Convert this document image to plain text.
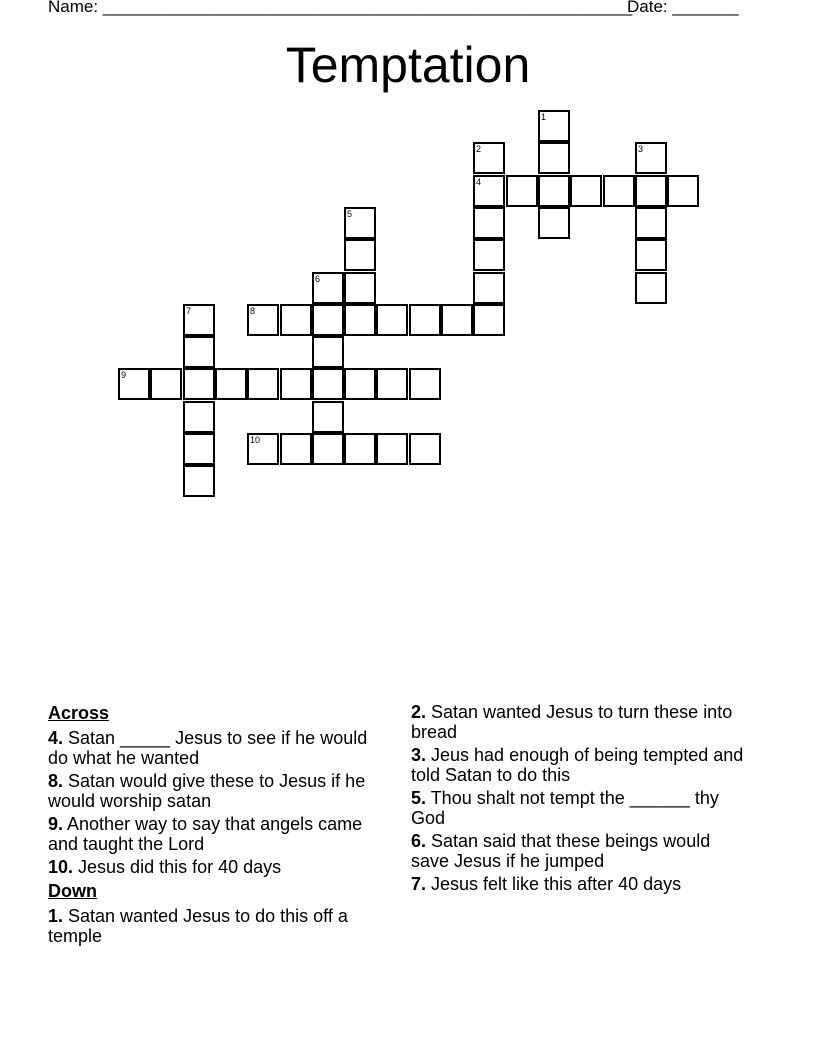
Name: ________________________________________________________
Date: _______
Temptation
1
2	3
4
5
6
7	8
9
10
Across
4. Satan _____ Jesus to see if he would do what he wanted
8. Satan would give these to Jesus if he would worship satan
9. Another way to say that angels came and taught the Lord
10. Jesus did this for 40 days
Down
1. Satan wanted Jesus to do this off a temple
2. Satan wanted Jesus to turn these into bread
3. Jeus had enough of being tempted and told Satan to do this
5. Thou shalt not tempt the ______ thy God
6. Satan said that these beings would save Jesus if he jumped
7. Jesus felt like this after 40 days
